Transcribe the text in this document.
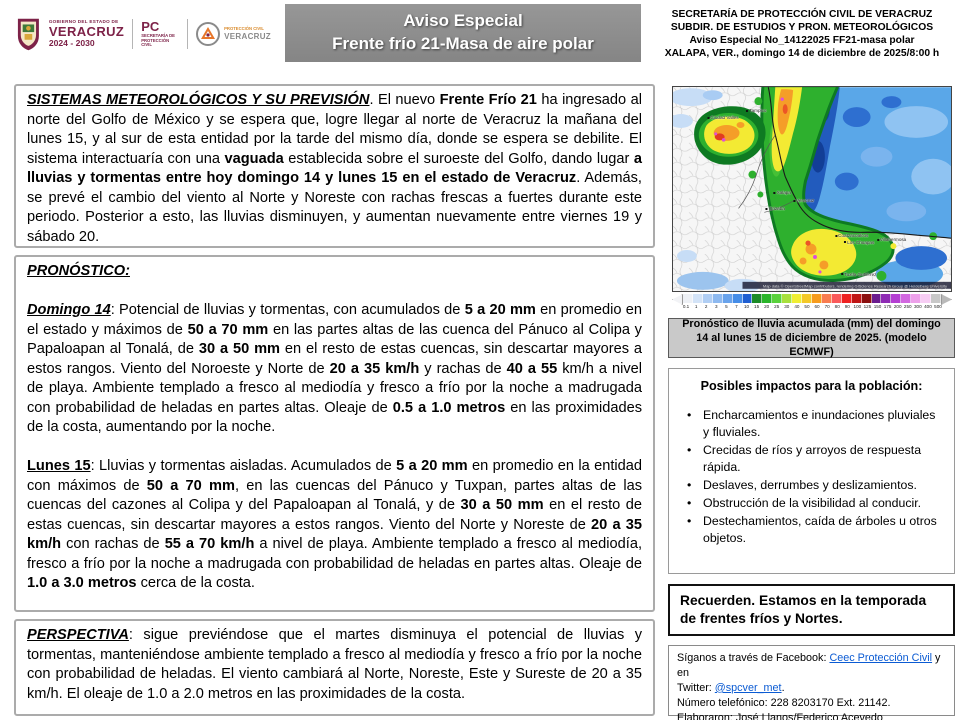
GOBIERNO DEL ESTADO DE
VERACRUZ
2024 - 2030
PC
SECRETARÍA DE
PROTECCIÓN CIVIL
PROTECCIÓN CIVIL
VERACRUZ
Aviso Especial
Frente frío 21-Masa de aire polar
SECRETARÍA DE PROTECCIÓN CIVIL DE VERACRUZ
SUBDIR. DE ESTUDIOS Y PRON. METEOROLÓGICOS
Aviso Especial No_14122025 FF21-masa polar
XALAPA, VER., domingo 14 de diciembre de 2025/8:00 h

SISTEMAS METEOROLÓGICOS Y SU PREVISIÓN. El nuevo Frente Frío 21 ha ingresado al norte del Golfo de México y se espera que, logre llegar al norte de Veracruz la mañana del lunes 15, y al sur de esta entidad por la tarde del mismo día, donde se espera se debilite. El sistema interactuaría con una vaguada establecida sobre el suroeste del Golfo, dando lugar a lluvias y tormentas entre hoy domingo 14 y lunes 15 en el estado de Veracruz. Además, se prevé el cambio del viento al Norte y Noreste con rachas frescas a fuertes durante este periodo. Posterior a esto, las lluvias disminuyen, y aumentan nuevamente entre viernes 19 y sábado 20.

PRONÓSTICO:

Domingo 14: Potencial de lluvias y tormentas, con acumulados de 5 a 20 mm en promedio en el estado y máximos de 50 a 70 mm en las partes altas de las cuenca del Pánuco al Colipa y Papaloapan al Tonalá, de 30 a 50 mm en el resto de estas cuencas, sin descartar mayores a estos rangos. Viento del Noroeste y Norte de 20 a 35 km/h y rachas de 40 a 55 km/h a nivel de playa. Ambiente templado a fresco al mediodía y fresco a frío por la noche a madrugada con probabilidad de heladas en partes altas. Oleaje de 0.5 a 1.0 metros en las proximidades de la costa, aumentando por la noche.

Lunes 15: Lluvias y tormentas aisladas. Acumulados de 5 a 20 mm en promedio en la entidad con máximos de 50 a 70 mm, en las cuencas del Pánuco y Tuxpan, partes altas de las cuencas del cazones al Colipa y del Papaloapan al Tonalá, y de 30 a 50 mm en el resto de estas cuencas, sin descartar mayores a estos rangos. Viento del Norte y Noreste de 20 a 35 km/h con rachas de 55 a 70 km/h a nivel de playa. Ambiente templado a fresco al mediodía, fresco a frío por la noche a madrugada con probabilidad de heladas en partes altas. Oleaje de 1.0 a 3.0 metros cerca de la costa.

PERSPECTIVA: sigue previéndose que el martes disminuya el potencial de lluvias y tormentas, manteniéndose ambiente templado a fresco al mediodía y fresco a frío por la noche con probabilidad de heladas. El viento cambiará al Norte, Noreste, Este y Sureste de 20 a 35 km/h. El oleaje de 1.0 a 2.0 metros en las proximidades de la costa.

Map data © OpenStreetMap contributors, rendering GIScience Research Group @ Heidelberg University
Tampico
Ciudad Valles
Xalapa
Veracruz
Orizaba
Coatzacoalcos
Los Choapas	Villahermosa
Tuxtla Gutiérrez
0.1	1	2	3	5	7	10	15	20	25	30	40	50	60	70	80	90 100 125 150 175 200 250 300 400 500
Pronóstico de lluvia acumulada (mm) del domingo 14 al lunes 15 de diciembre de 2025. (modelo ECMWF)

Posibles impactos para la población:

• Encharcamientos e inundaciones pluviales y fluviales.
• Crecidas de ríos y arroyos de respuesta rápida.
• Deslaves, derrumbes y deslizamientos.
• Obstrucción de la visibilidad al conducir.
• Destechamientos, caída de árboles u otros objetos.
Recuerden. Estamos en la temporada de frentes fríos y Nortes.
Síganos a través de Facebook: Ceec Protección Civil y en
Twitter: @spcver_met.
Número telefónico: 228 8203170 Ext. 21142.
Elaboraron: José Llanos/Federico Acevedo
